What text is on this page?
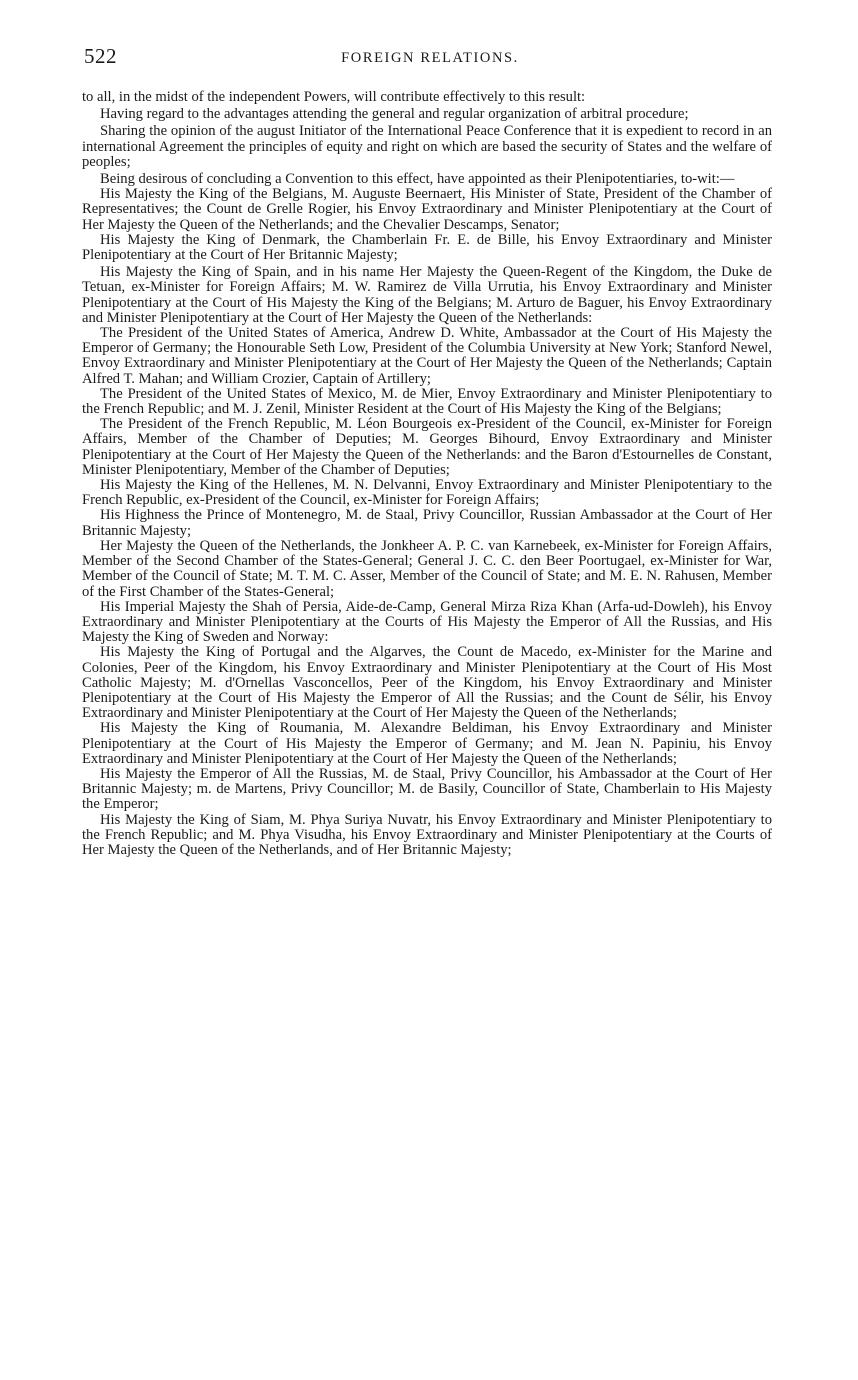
522	FOREIGN RELATIONS.

to all, in the midst of the independent Powers, will contribute effectively to this result:

Having regard to the advantages attending the general and regular organization of arbitral procedure;

Sharing the opinion of the august Initiator of the International Peace Conference that it is expedient to record in an international Agreement the principles of equity and right on which are based the security of States and the welfare of peoples;

Being desirous of concluding a Convention to this effect, have appointed as their Plenipotentiaries, to-wit:—

His Majesty the King of the Belgians, M. Auguste Beernaert, His Minister of State, President of the Chamber of Representatives; the Count de Grelle Rogier, his Envoy Extraordinary and Minister Plenipotentiary at the Court of Her Majesty the Queen of the Netherlands; and the Chevalier Descamps, Senator;

His Majesty the King of Denmark, the Chamberlain Fr. E. de Bille, his Envoy Extraordinary and Minister Plenipotentiary at the Court of Her Britannic Majesty;

His Majesty the King of Spain, and in his name Her Majesty the Queen-Regent of the Kingdom, the Duke de Tetuan, ex-Minister for Foreign Affairs; M. W. Ramirez de Villa Urrutia, his Envoy Extraordinary and Minister Plenipotentiary at the Court of His Majesty the King of the Belgians; M. Arturo de Baguer, his Envoy Extraordinary and Minister Plenipotentiary at the Court of Her Majesty the Queen of the Netherlands:

The President of the United States of America, Andrew D. White, Ambassador at the Court of His Majesty the Emperor of Germany; the Honourable Seth Low, President of the Columbia University at New York; Stanford Newel, Envoy Extraordinary and Minister Plenipotentiary at the Court of Her Majesty the Queen of the Netherlands; Captain Alfred T. Mahan; and William Crozier, Captain of Artillery;

The President of the United States of Mexico, M. de Mier, Envoy Extraordinary and Minister Plenipotentiary to the French Republic; and M. J. Zenil, Minister Resident at the Court of His Majesty the King of the Belgians;

The President of the French Republic, M. Léon Bourgeois ex-President of the Council, ex-Minister for Foreign Affairs, Member of the Chamber of Deputies; M. Georges Bihourd, Envoy Extraordinary and Minister Plenipotentiary at the Court of Her Majesty the Queen of the Netherlands: and the Baron d'Estournelles de Constant, Minister Plenipotentiary, Member of the Chamber of Deputies;

His Majesty the King of the Hellenes, M. N. Delvanni, Envoy Extraordinary and Minister Plenipotentiary to the French Republic, ex-President of the Council, ex-Minister for Foreign Affairs;

His Highness the Prince of Montenegro, M. de Staal, Privy Councillor, Russian Ambassador at the Court of Her Britannic Majesty;

Her Majesty the Queen of the Netherlands, the Jonkheer A. P. C. van Karnebeek, ex-Minister for Foreign Affairs, Member of the Second Chamber of the States-General; General J. C. C. den Beer Poortugael, ex-Minister for War, Member of the Council of State; M. T. M. C. Asser, Member of the Council of State; and M. E. N. Rahusen, Member of the First Chamber of the States-General;

His Imperial Majesty the Shah of Persia, Aide-de-Camp, General Mirza Riza Khan (Arfa-ud-Dowleh), his Envoy Extraordinary and Minister Plenipotentiary at the Courts of His Majesty the Emperor of All the Russias, and His Majesty the King of Sweden and Norway:

His Majesty the King of Portugal and the Algarves, the Count de Macedo, ex-Minister for the Marine and Colonies, Peer of the Kingdom, his Envoy Extraordinary and Minister Plenipotentiary at the Court of His Most Catholic Majesty; M. d'Ornellas Vasconcellos, Peer of the Kingdom, his Envoy Extraordinary and Minister Plenipotentiary at the Court of His Majesty the Emperor of All the Russias; and the Count de Sélir, his Envoy Extraordinary and Minister Plenipotentiary at the Court of Her Majesty the Queen of the Netherlands;

His Majesty the King of Roumania, M. Alexandre Beldiman, his Envoy Extraordinary and Minister Plenipotentiary at the Court of His Majesty the Emperor of Germany; and M. Jean N. Papiniu, his Envoy Extraordinary and Minister Plenipotentiary at the Court of Her Majesty the Queen of the Netherlands;

His Majesty the Emperor of All the Russias, M. de Staal, Privy Councillor, his Ambassador at the Court of Her Britannic Majesty; m. de Martens, Privy Councillor; M. de Basily, Councillor of State, Chamberlain to His Majesty the Emperor;

His Majesty the King of Siam, M. Phya Suriya Nuvatr, his Envoy Extraordinary and Minister Plenipotentiary to the French Republic; and M. Phya Visudha, his Envoy Extraordinary and Minister Plenipotentiary at the Courts of Her Majesty the Queen of the Netherlands, and of Her Britannic Majesty;
